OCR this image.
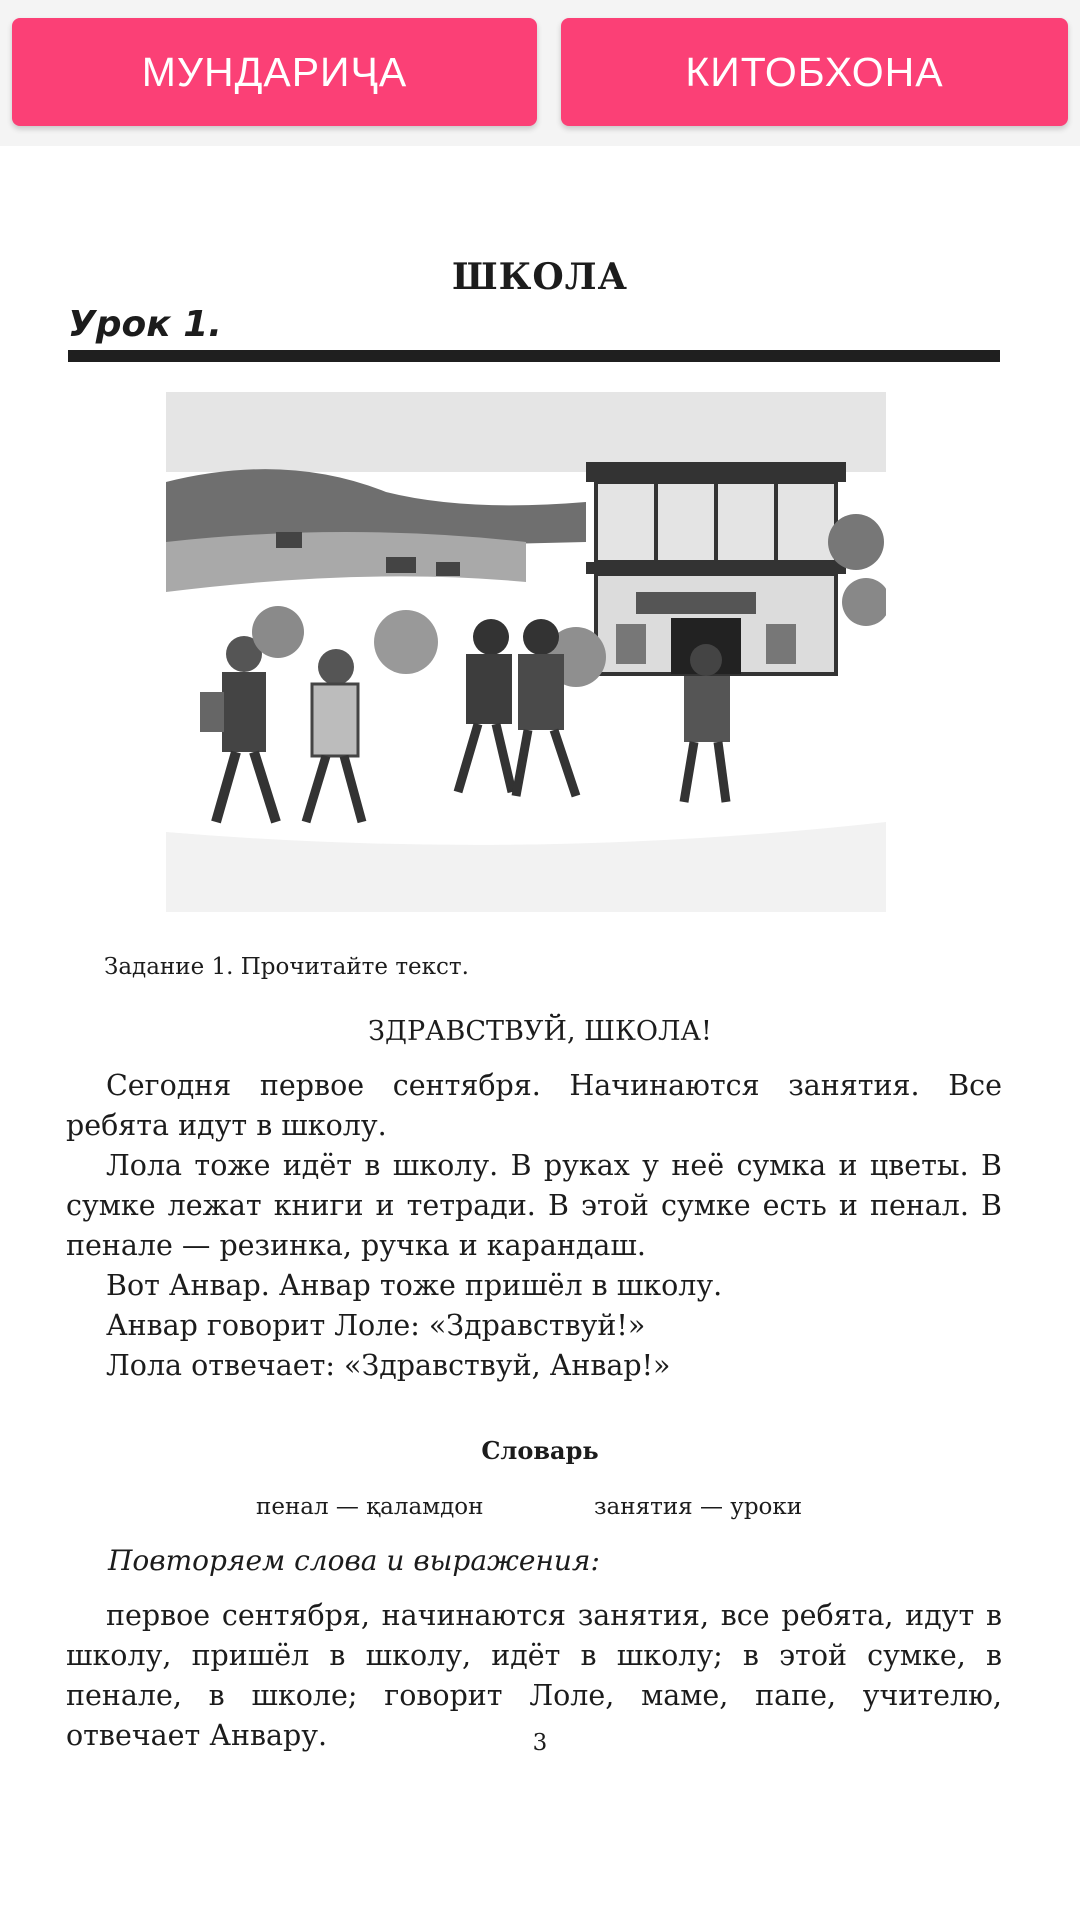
МУНДАРИҶА	КИТОБХОНА
ШКОЛА
Урок 1.
Задание 1. Прочитайте текст.
ЗДРАВСТВУЙ, ШКОЛА!
Сегодня первое сентября. Начинаются занятия. Все ребята идут в школу.
Лола тоже идёт в школу. В руках у неё сумка и цветы. В сумке лежат книги и тетради. В этой сумке есть и пенал. В пенале — резинка, ручка и карандаш.
Вот Анвар. Анвар тоже пришёл в школу.
Анвар говорит Лоле: «Здравствуй!»
Лола отвечает: «Здравствуй, Анвар!»
Словарь
пенал — қаламдон	занятия — уроки
Повторяем слова и выражения:
первое сентября, начинаются занятия, все ребята, идут в школу, пришёл в школу, идёт в школу; в этой сумке, в пенале, в школе; говорит Лоле, маме, папе, учителю, отвечает Анвару.	3
